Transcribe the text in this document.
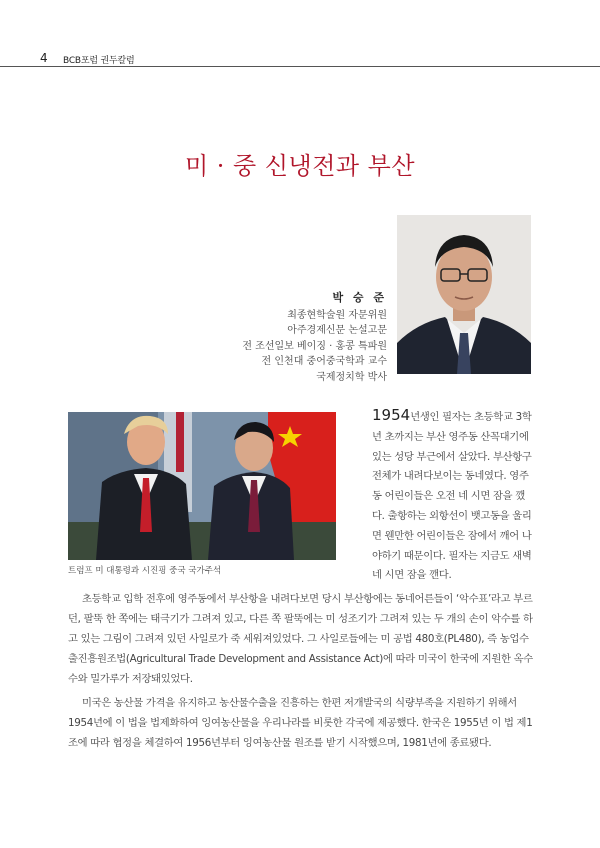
4 BCB포럼 권두칼럼
미 · 중 신냉전과 부산
박 승 준
최종현학술원 자문위원
아주경제신문 논설고문
전 조선일보 베이징 · 홍콩 특파원
전 인천대 중어중국학과 교수
국제정치학 박사
트럼프 미 대통령과 시진핑 중국 국가주석
1954년생인 필자는 초등학교 3학년 초까지는 부산 영주동 산꼭대기에 있는 성당 부근에서 살았다. 부산항구 전체가 내려다보이는 동네였다. 영주동 어린이들은 오전 네 시면 잠을 깼다. 출항하는 외항선이 뱃고동을 울리면 웬만한 어린이들은 잠에서 깨어 나야하기 때문이다. 필자는 지금도 새벽 네 시면 잠을 깬다.

초등학교 입학 전후에 영주동에서 부산항을 내려다보면 당시 부산항에는 동네어른들이 ‘악수표’라고 부르던, 팔뚝 한 쪽에는 태극기가 그려져 있고, 다른 쪽 팔뚝에는 미 성조기가 그려져 있는 두 개의 손이 악수를 하고 있는 그림이 그려져 있던 사일로가 죽 세워져있었다. 그 사일로들에는 미 공법 480호(PL480), 즉 농업수출진흥원조법(Agricultural Trade Development and Assistance Act)에 따라 미국이 한국에 지원한 옥수수와 밀가루가 저장돼있었다.

미국은 농산물 가격을 유지하고 농산물수출을 진흥하는 한편 저개발국의 식량부족을 지원하기 위해서 1954년에 이 법을 법제화하여 잉여농산물을 우리나라를 비롯한 각국에 제공했다. 한국은 1955년 이 법 제1조에 따라 협정을 체결하여 1956년부터 잉여농산물 원조를 받기 시작했으며, 1981년에 종료됐다.
